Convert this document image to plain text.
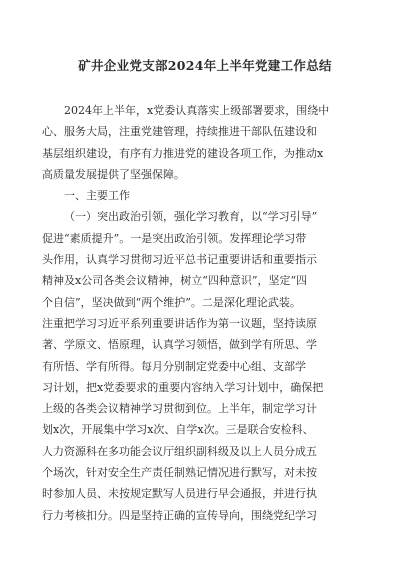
矿井企业党支部2024年上半年党建工作总结

2024年上半年，x党委认真落实上级部署要求，围绕中
心、服务大局，注重党建管理，持续推进干部队伍建设和
基层组织建设，有序有力推进党的建设各项工作，为推动x
高质量发展提供了坚强保障。

一、主要工作

（一）突出政治引领，强化学习教育，以“学习引导”
促进“素质提升”。一是突出政治引领。发挥理论学习带
头作用，认真学习贯彻习近平总书记重要讲话和重要指示
精神及x公司各类会议精神，树立“四种意识”，坚定“四
个自信”，坚决做到“两个维护”。二是深化理论武装。
注重把学习习近平系列重要讲话作为第一议题，坚持读原
著、学原文、悟原理，认真学习领悟，做到学有所思、学
有所悟、学有所得。每月分别制定党委中心组、支部学
习计划，把x党委要求的重要内容纳入学习计划中，确保把
上级的各类会议精神学习贯彻到位。上半年，制定学习计
划x次，开展集中学习x次、自学x次。三是联合安检科、
人力资源科在多功能会议厅组织副科级及以上人员分成五
个场次，针对安全生产责任制熟记情况进行默写，对未按
时参加人员、未按规定默写人员进行早会通报，并进行执
行力考核扣分。四是坚持正确的宣传导向，围绕党纪学习
